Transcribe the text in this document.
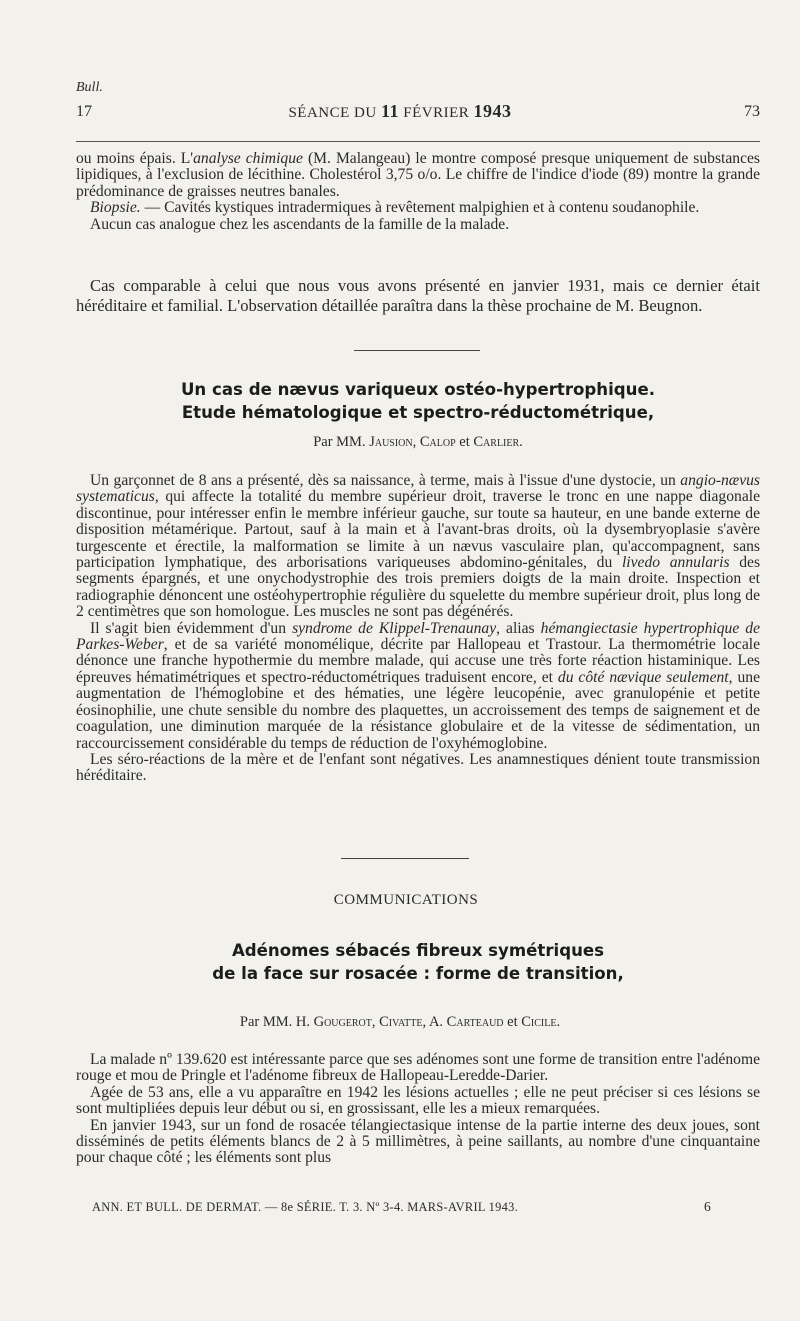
Bull.
17	SÉANCE DU 11 FÉVRIER 1943	73

ou moins épais. L'analyse chimique (M. Malangeau) le montre composé presque uniquement de substances lipidiques, à l'exclusion de lécithine. Cholestérol 3,75 o/o. Le chiffre de l'indice d'iode (89) montre la grande prédominance de graisses neutres banales.

Biopsie. — Cavités kystiques intradermiques à revêtement malpighien et à contenu soudanophile.

Aucun cas analogue chez les ascendants de la famille de la malade.

Cas comparable à celui que nous vous avons présenté en janvier 1931, mais ce dernier était héréditaire et familial. L'observation détaillée paraîtra dans la thèse prochaine de M. Beugnon.

Un cas de nævus variqueux ostéo-hypertrophique.
Etude hématologique et spectro-réductométrique,
Par MM. Jausion, Calop et Carlier.

Un garçonnet de 8 ans a présenté, dès sa naissance, à terme, mais à l'issue d'une dystocie, un angio-nævus systematicus, qui affecte la totalité du membre supérieur droit, traverse le tronc en une nappe diagonale discontinue, pour intéresser enfin le membre inférieur gauche, sur toute sa hauteur, en une bande externe de disposition métamérique. Partout, sauf à la main et à l'avant-bras droits, où la dysembryoplasie s'avère turgescente et érectile, la malformation se limite à un nævus vasculaire plan, qu'accompagnent, sans participation lymphatique, des arborisations variqueuses abdomino-génitales, du livedo annularis des segments épargnés, et une onychodystrophie des trois premiers doigts de la main droite. Inspection et radiographie dénoncent une ostéohypertrophie régulière du squelette du membre supérieur droit, plus long de 2 centimètres que son homologue. Les muscles ne sont pas dégénérés.

Il s'agit bien évidemment d'un syndrome de Klippel-Trenaunay, alias hémangiectasie hypertrophique de Parkes-Weber, et de sa variété monomélique, décrite par Hallopeau et Trastour. La thermométrie locale dénonce une franche hypothermie du membre malade, qui accuse une très forte réaction histaminique. Les épreuves hématimétriques et spectro-réductométriques traduisent encore, et du côté nævique seulement, une augmentation de l'hémoglobine et des hématies, une légère leucopénie, avec granulopénie et petite éosinophilie, une chute sensible du nombre des plaquettes, un accroissement des temps de saignement et de coagulation, une diminution marquée de la résistance globulaire et de la vitesse de sédimentation, un raccourcissement considérable du temps de réduction de l'oxyhémoglobine.

Les séro-réactions de la mère et de l'enfant sont négatives. Les anamnestiques dénient toute transmission héréditaire.

COMMUNICATIONS
Adénomes sébacés fibreux symétriques
de la face sur rosacée : forme de transition,
Par MM. H. Gougerot, Civatte, A. Carteaud et Cicile.

La malade nº 139.620 est intéressante parce que ses adénomes sont une forme de transition entre l'adénome rouge et mou de Pringle et l'adénome fibreux de Hallopeau-Leredde-Darier.

Agée de 53 ans, elle a vu apparaître en 1942 les lésions actuelles ; elle ne peut préciser si ces lésions se sont multipliées depuis leur début ou si, en grossissant, elle les a mieux remarquées.

En janvier 1943, sur un fond de rosacée télangiectasique intense de la partie interne des deux joues, sont disséminés de petits éléments blancs de 2 à 5 millimètres, à peine saillants, au nombre d'une cinquantaine pour chaque côté ; les éléments sont plus

ANN. ET BULL. DE DERMAT. — 8e SÉRIE. T. 3. Nº 3-4. MARS-AVRIL 1943.	6
